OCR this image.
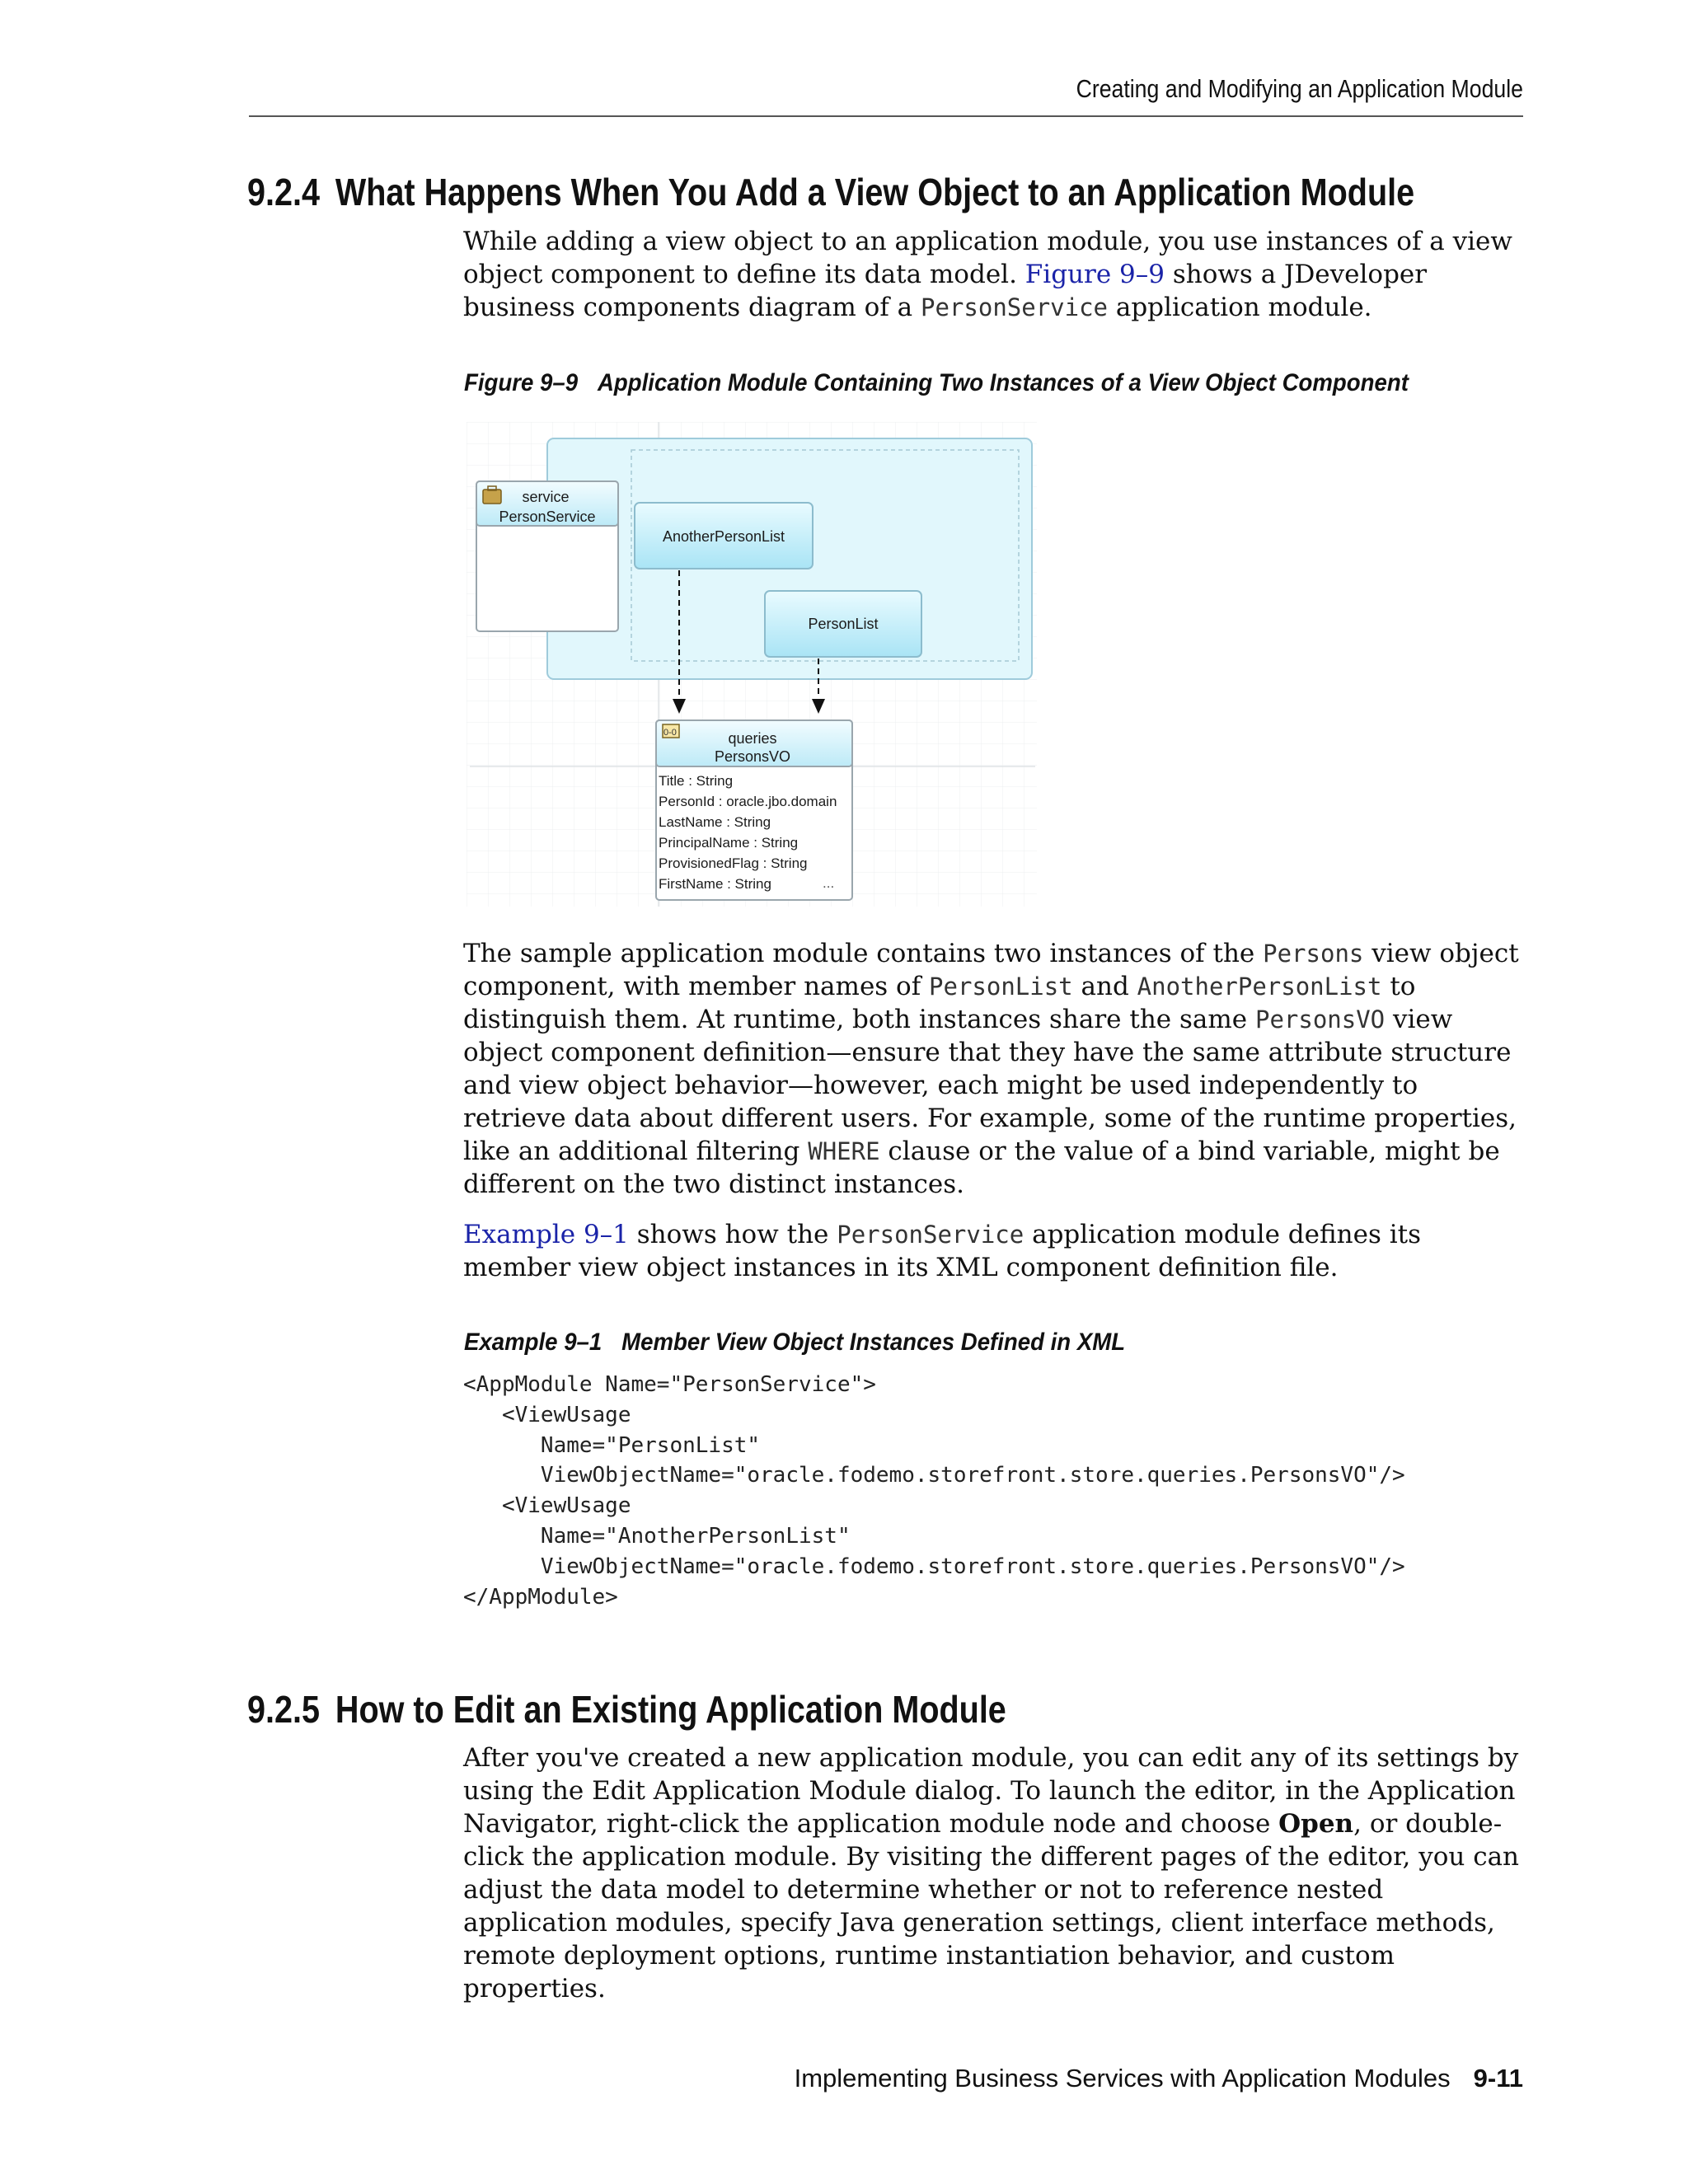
Creating and Modifying an Application Module
9.2.4 What Happens When You Add a View Object to an Application Module

While adding a view object to an application module, you use instances of a view object component to define its data model. Figure 9–9 shows a JDeveloper business components diagram of a PersonService application module.

Figure 9–9 Application Module Containing Two Instances of a View Object Component
service
PersonService
AnotherPersonList
PersonList
0-0	queries
PersonsVO
Title : String
PersonId : oracle.jbo.domain
LastName : String
PrincipalName : String
ProvisionedFlag : String
FirstName : String	...

The sample application module contains two instances of the Persons view object component, with member names of PersonList and AnotherPersonList to distinguish them. At runtime, both instances share the same PersonsVO view object component definition—ensure that they have the same attribute structure and view object behavior—however, each might be used independently to retrieve data about different users. For example, some of the runtime properties, like an additional filtering WHERE clause or the value of a bind variable, might be different on the two distinct instances.

Example 9–1 shows how the PersonService application module defines its member view object instances in its XML component definition file.

Example 9–1 Member View Object Instances Defined in XML
<AppModule Name="PersonService">
<ViewUsage
Name="PersonList"
ViewObjectName="oracle.fodemo.storefront.store.queries.PersonsVO"/>
<ViewUsage
Name="AnotherPersonList"
ViewObjectName="oracle.fodemo.storefront.store.queries.PersonsVO"/>
</AppModule>
9.2.5 How to Edit an Existing Application Module

After you've created a new application module, you can edit any of its settings by using the Edit Application Module dialog. To launch the editor, in the Application Navigator, right-click the application module node and choose Open, or double-click the application module. By visiting the different pages of the editor, you can adjust the data model to determine whether or not to reference nested application modules, specify Java generation settings, client interface methods, remote deployment options, runtime instantiation behavior, and custom properties.

Implementing Business Services with Application Modules 9-11
